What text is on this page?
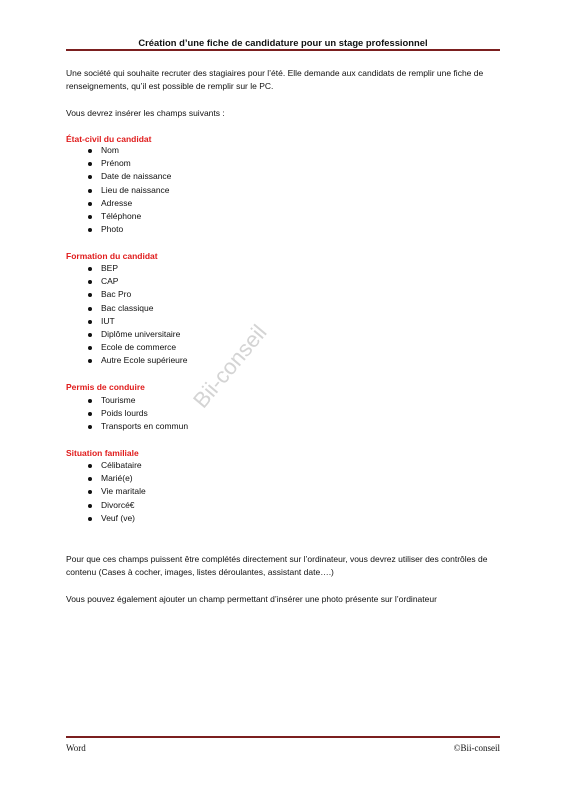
Création d’une fiche de candidature pour un stage professionnel
Une société qui souhaite recruter des stagiaires pour l’été. Elle demande aux candidats de remplir une fiche de renseignements, qu’il est possible de remplir sur le PC.
Vous devrez insérer les champs suivants :
État-civil du candidat
Nom
Prénom
Date de naissance
Lieu de naissance
Adresse
Téléphone
Photo
Formation du candidat
BEP
CAP
Bac Pro
Bac classique
IUT
Diplôme universitaire
Ecole de commerce
Autre Ecole supérieure
Permis de conduire
Tourisme
Poids lourds
Transports en commun
Situation familiale
Célibataire
Marié(e)
Vie maritale
Divorcé€
Veuf (ve)
Pour que ces champs puissent être complétés directement sur l’ordinateur, vous devrez utiliser des contrôles de contenu (Cases à cocher, images, listes déroulantes, assistant date….)
Vous pouvez également ajouter un champ permettant d’insérer une photo présente sur l’ordinateur
Bii-conseil
Word	©Bii-conseil
